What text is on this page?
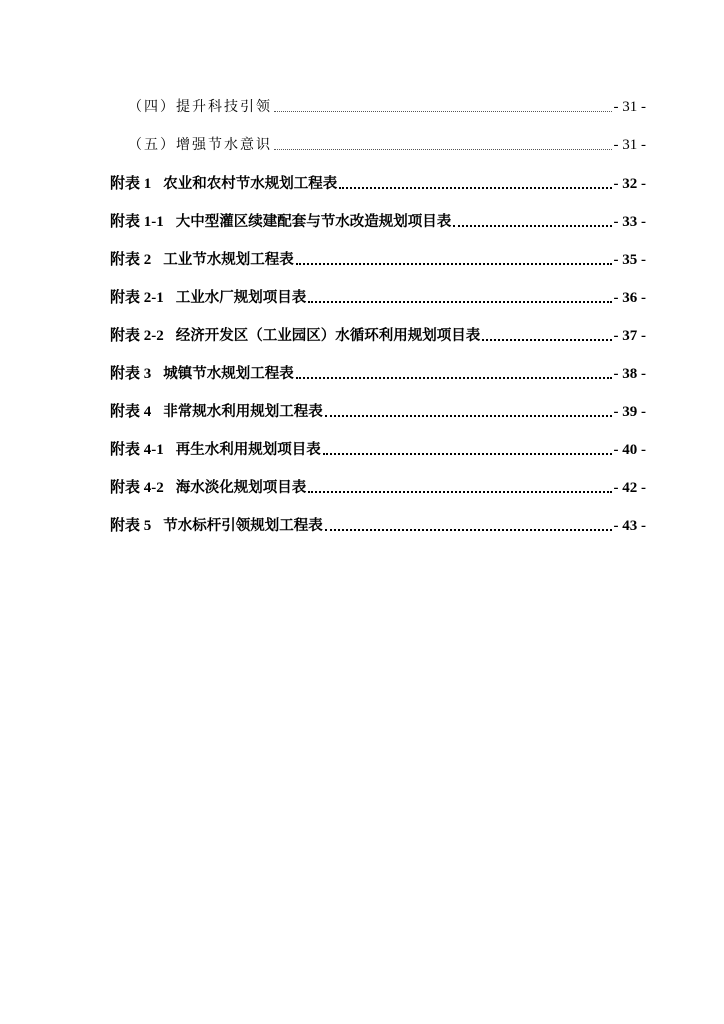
（四）提升科技引领	- 31 -
（五）增强节水意识	- 31 -
附表 1 农业和农村节水规划工程表	- 32 -
附表 1-1 大中型灌区续建配套与节水改造规划项目表	- 33 -
附表 2 工业节水规划工程表	- 35 -
附表 2-1 工业水厂规划项目表	- 36 -
附表 2-2 经济开发区（工业园区）水循环利用规划项目表	- 37 -
附表 3 城镇节水规划工程表	- 38 -
附表 4 非常规水利用规划工程表	- 39 -
附表 4-1 再生水利用规划项目表	- 40 -
附表 4-2 海水淡化规划项目表	- 42 -
附表 5 节水标杆引领规划工程表	- 43 -
